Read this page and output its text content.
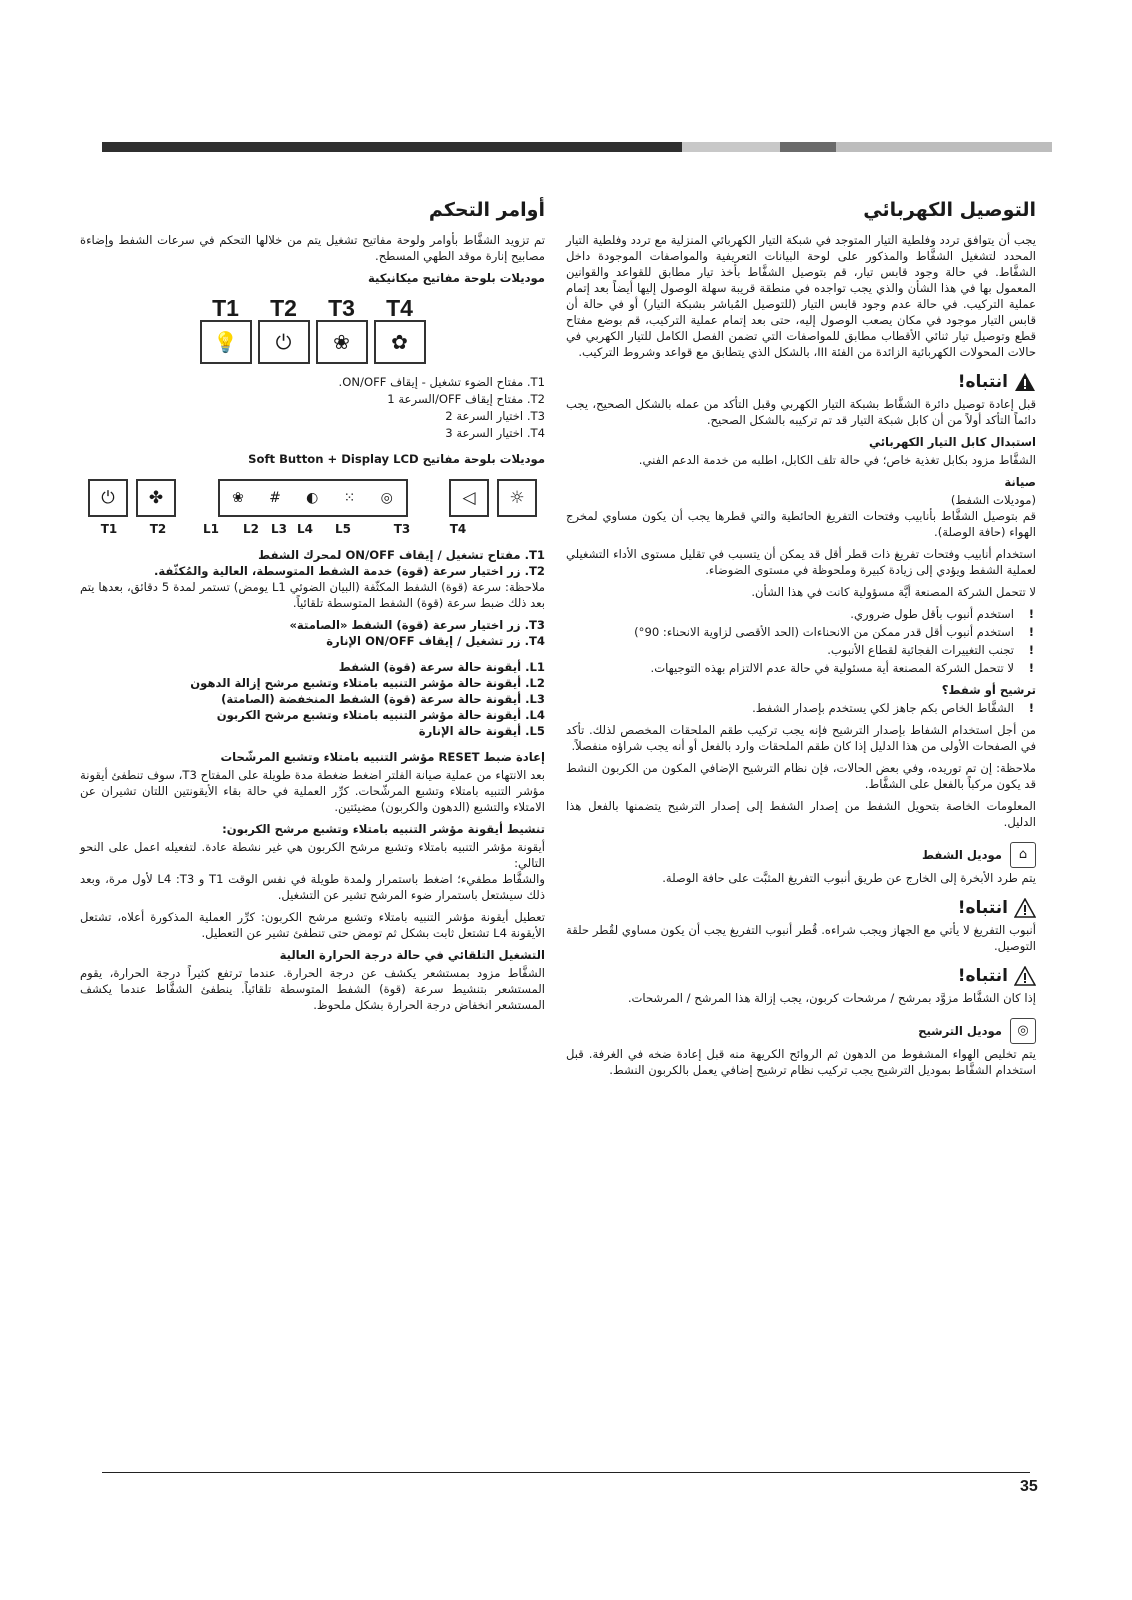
التوصيل الكهربائي

يجب أن يتوافق تردد وفلطية التيار المتوجد في شبكة التيار الكهربائي المنزلية مع تردد وفلطية التيار المحدد لتشغيل الشفَّاط والمذكور على لوحة البيانات التعريفية والمواصفات الموجودة داخل الشفَّاط. في حالة وجود قابس تيار، قم بتوصيل الشفَّاط بأخذ تيار مطابق للقواعد والقوانين المعمول بها في هذا الشأن والذي يجب تواجده في منطقة قريبة سهلة الوصول إليها أيضاً بعد إتمام عملية التركيب. في حالة عدم وجود قابس التيار (للتوصيل المُباشر بشبكة التيار) أو في حالة أن قابس التيار موجود في مكان يصعب الوصول إليه، حتى بعد إتمام عملية التركيب، قم بوضع مفتاح قطع وتوصيل تيار ثنائي الأقطاب مطابق للمواصفات التي تضمن الفصل الكامل للتيار الكهربي في حالات المحولات الكهربائية الزائدة من الفئة III، بالشكل الذي يتطابق مع قواعد وشروط التركيب.

انتباه!

قبل إعادة توصيل دائرة الشفَّاط بشبكة التيار الكهربي وقبل التأكد من عمله بالشكل الصحيح، يجب دائماً التأكد أولاً من أن كابل شبكة التيار قد تم تركيبه بالشكل الصحيح.

استبدال كابل التيار الكهربائي

الشفَّاط مزود بكابل تغذية خاص؛ في حالة تلف الكابل، اطلبه من خدمة الدعم الفني.

صيانة

(موديلات الشفط)

قم بتوصيل الشفَّاط بأنابيب وفتحات التفريغ الحائطية والتي قطرها يجب أن يكون مساوي لمخرج الهواء (حافة الوصلة).

استخدام أنابيب وفتحات تفريغ ذات قطر أقل قد يمكن أن يتسبب في تقليل مستوى الأداء التشغيلي لعملية الشفط ويؤدي إلى زيادة كبيرة وملحوظة في مستوى الضوضاء.

لا تتحمل الشركة المصنعة أيَّة مسؤولية كانت في هذا الشأن.

! استخدم أنبوب بأقل طول ضروري.
! استخدم أنبوب أقل قدر ممكن من الانحناءات (الحد الأقصى لزاوية الانحناء: 90°)
! تجنب التغييرات الفجائية لقطاع الأنبوب.
! لا تتحمل الشركة المصنعة أية مسئولية في حالة عدم الالتزام بهذه التوجيهات.
ترشيح أو شفط؟
! الشفَّاط الخاص بكم جاهز لكي يستخدم بإصدار الشفط.

من أجل استخدام الشفاط بإصدار الترشيح فإنه يجب تركيب طقم الملحقات المخصص لذلك. تأكد في الصفحات الأولى من هذا الدليل إذا كان طقم الملحقات وارد بالفعل أو أنه يجب شراؤه منفصلاً.

ملاحظة: إن تم توريده، وفي بعض الحالات، فإن نظام الترشيح الإضافي المكون من الكربون النشط قد يكون مركباً بالفعل على الشفَّاط.

المعلومات الخاصة بتحويل الشفط من إصدار الشفط إلى إصدار الترشيح يتضمنها بالفعل هذا الدليل.

⌂
موديل الشفط

يتم طرد الأبخرة إلى الخارج عن طريق أنبوب التفريغ المثبَّت على حافة الوصلة.

انتباه!

أنبوب التفريغ لا يأتي مع الجهاز ويجب شراءه. قُطر أنبوب التفريغ يجب أن يكون مساوي لقُطر حلقة التوصيل.

انتباه!

إذا كان الشفَّاط مزوَّد بمرشح / مرشحات كربون، يجب إزالة هذا المرشح / المرشحات.

◎
موديل الترشيح

يتم تخليص الهواء المشفوط من الدهون ثم الروائح الكريهة منه قبل إعادة ضخه في الغرفة. قبل استخدام الشفَّاط بموديل الترشيح يجب تركيب نظام ترشيح إضافي يعمل بالكربون النشط.

أوامر التحكم

تم تزويد الشفَّاط بأوامر ولوحة مفاتيح تشغيل يتم من خلالها التحكم في سرعات الشفط وإضاءة مصابيح إنارة موقد الطهي المسطح.

موديلات بلوحة مفاتيح ميكانيكية
T1
💡
T2
⏻
T3
❀
T4
✿
T1. مفتاح الضوء تشغيل - إيقاف ON/OFF.
T2. مفتاح إيقاف OFF/السرعة 1
T3. اختيار السرعة 2
T4. اختيار السرعة 3
موديلات بلوحة مفاتيح Soft Button + Display LCD
⏻	✤	❀ # ◐ ⁙ ◎	◁	☼
T1	T2	L1	L2	L3 L4	L5	T3	T4
T1. مفتاح تشغيل / إيقاف ON/OFF لمحرك الشفط
T2. زر اختيار سرعة (قوة) خدمة الشفط المتوسطة، العالية والمُكثّفة.

ملاحظة: سرعة (قوة) الشفط المكثّفة (البيان الضوئي L1 يومض) تستمر لمدة 5 دقائق، بعدها يتم بعد ذلك ضبط سرعة (قوة) الشفط المتوسطة تلقائياً.

T3. زر اختيار سرعة (قوة) الشفط «الصامتة»
T4. زر تشغيل / إيقاف ON/OFF الإنارة
L1. أيقونة حالة سرعة (قوة) الشفط
L2. أيقونة حالة مؤشر التنبيه بامتلاء وتشبع مرشح إزالة الدهون
L3. أيقونة حالة سرعة (قوة) الشفط المنخفضة (الصامتة)
L4. أيقونة حالة مؤشر التنبيه بامتلاء وتشبع مرشح الكربون
L5. أيقونة حالة الإنارة
إعادة ضبط RESET مؤشر التنبيه بامتلاء وتشبع المرشّحات

بعد الانتهاء من عملية صيانة الفلتر اضغط ضغطة مدة طويلة على المفتاح T3، سوف تنطفئ أيقونة مؤشر التنبيه بامتلاء وتشبع المرشّحات. كرِّر العملية في حالة بقاء الأيقونتين اللتان تشيران عن الامتلاء والتشبع (الدهون والكربون) مضيئتين.

تنشيط أيقونة مؤشر التنبيه بامتلاء وتشبع مرشح الكربون:

أيقونة مؤشر التنبيه بامتلاء وتشبع مرشح الكربون هي غير نشطة عادة. لتفعيله اعمل على النحو التالي:

والشفَّاط مطفيء؛ اضغط باستمرار ولمدة طويلة في نفس الوقت T1 و L4 :T3 لأول مرة، وبعد ذلك سيشتعل باستمرار ضوء المرشح تشير عن التشغيل.

تعطيل أيقونة مؤشر التنبيه بامتلاء وتشبع مرشح الكربون: كرِّر العملية المذكورة أعلاه، تشتعل الأيقونة L4 تشتعل ثابت بشكل ثم تومض حتى تنطفئ تشير عن التعطيل.

التشغيل التلقائي في حالة درجة الحرارة العالية

الشفَّاط مزود بمستشعر يكشف عن درجة الحرارة. عندما ترتفع كثيراً درجة الحرارة، يقوم المستشعر بتنشيط سرعة (قوة) الشفط المتوسطة تلقائياً. ينطفئ الشفَّاط عندما يكشف المستشعر انخفاض درجة الحرارة بشكل ملحوظ.

35
